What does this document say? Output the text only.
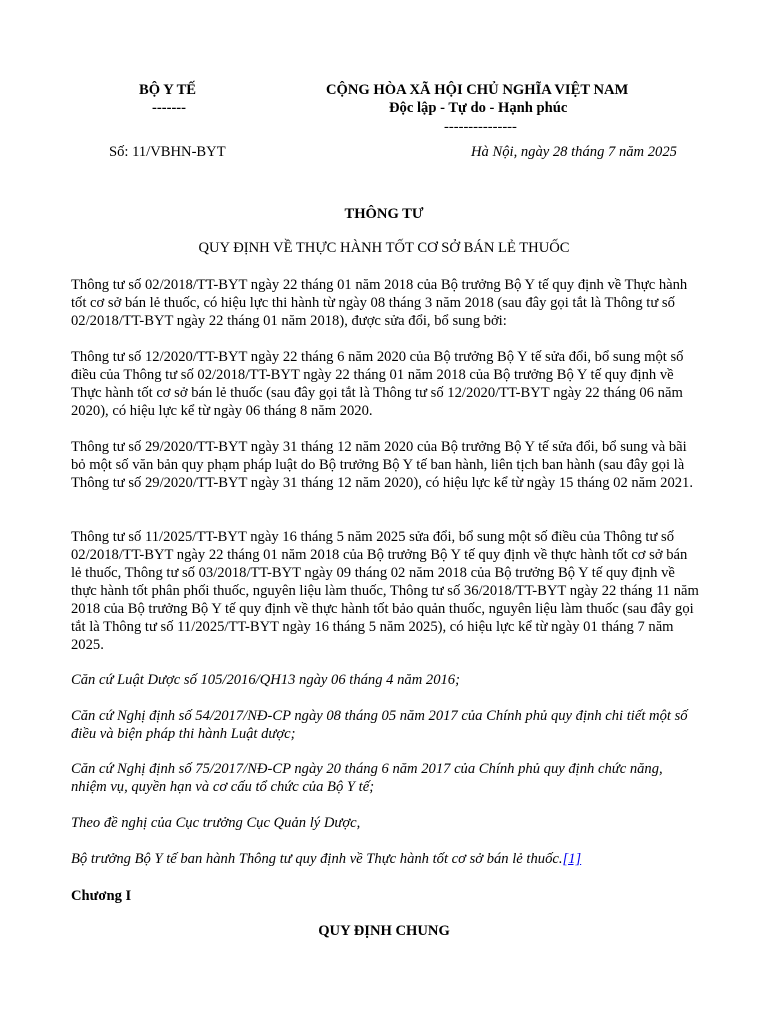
BỘ Y TẾ
-------
CỘNG HÒA XÃ HỘI CHỦ NGHĨA VIỆT NAM
Độc lập - Tự do - Hạnh phúc
---------------
Số: 11/VBHN-BYT	Hà Nội, ngày 28 tháng 7 năm 2025
THÔNG TƯ
QUY ĐỊNH VỀ THỰC HÀNH TỐT CƠ SỞ BÁN LẺ THUỐC

Thông tư số 02/2018/TT-BYT ngày 22 tháng 01 năm 2018 của Bộ trưởng Bộ Y tế quy định về Thực hành tốt cơ sở bán lẻ thuốc, có hiệu lực thi hành từ ngày 08 tháng 3 năm 2018 (sau đây gọi tắt là Thông tư số 02/2018/TT-BYT ngày 22 tháng 01 năm 2018), được sửa đổi, bổ sung bởi:

Thông tư số 12/2020/TT-BYT ngày 22 tháng 6 năm 2020 của Bộ trưởng Bộ Y tế sửa đổi, bổ sung một số điều của Thông tư số 02/2018/TT-BYT ngày 22 tháng 01 năm 2018 của Bộ trưởng Bộ Y tế quy định về Thực hành tốt cơ sở bán lẻ thuốc (sau đây gọi tắt là Thông tư số 12/2020/TT-BYT ngày 22 tháng 06 năm 2020), có hiệu lực kể từ ngày 06 tháng 8 năm 2020.

Thông tư số 29/2020/TT-BYT ngày 31 tháng 12 năm 2020 của Bộ trưởng Bộ Y tế sửa đổi, bổ sung và bãi bỏ một số văn bản quy phạm pháp luật do Bộ trưởng Bộ Y tế ban hành, liên tịch ban hành (sau đây gọi là Thông tư số 29/2020/TT-BYT ngày 31 tháng 12 năm 2020), có hiệu lực kể từ ngày 15 tháng 02 năm 2021.

Thông tư số 11/2025/TT-BYT ngày 16 tháng 5 năm 2025 sửa đổi, bổ sung một số điều của Thông tư số 02/2018/TT-BYT ngày 22 tháng 01 năm 2018 của Bộ trưởng Bộ Y tế quy định về thực hành tốt cơ sở bán lẻ thuốc, Thông tư số 03/2018/TT-BYT ngày 09 tháng 02 năm 2018 của Bộ trưởng Bộ Y tế quy định về thực hành tốt phân phối thuốc, nguyên liệu làm thuốc, Thông tư số 36/2018/TT-BYT ngày 22 tháng 11 năm 2018 của Bộ trưởng Bộ Y tế quy định về thực hành tốt bảo quản thuốc, nguyên liệu làm thuốc (sau đây gọi tắt là Thông tư số 11/2025/TT-BYT ngày 16 tháng 5 năm 2025), có hiệu lực kể từ ngày 01 tháng 7 năm 2025.

Căn cứ Luật Dược số 105/2016/QH13 ngày 06 tháng 4 năm 2016;

Căn cứ Nghị định số 54/2017/NĐ-CP ngày 08 tháng 05 năm 2017 của Chính phủ quy định chi tiết một số điều và biện pháp thi hành Luật dược;

Căn cứ Nghị định số 75/2017/NĐ-CP ngày 20 tháng 6 năm 2017 của Chính phủ quy định chức năng, nhiệm vụ, quyền hạn và cơ cấu tổ chức của Bộ Y tế;

Theo đề nghị của Cục trưởng Cục Quản lý Dược,

Bộ trưởng Bộ Y tế ban hành Thông tư quy định về Thực hành tốt cơ sở bán lẻ thuốc.[1]

Chương I
QUY ĐỊNH CHUNG
